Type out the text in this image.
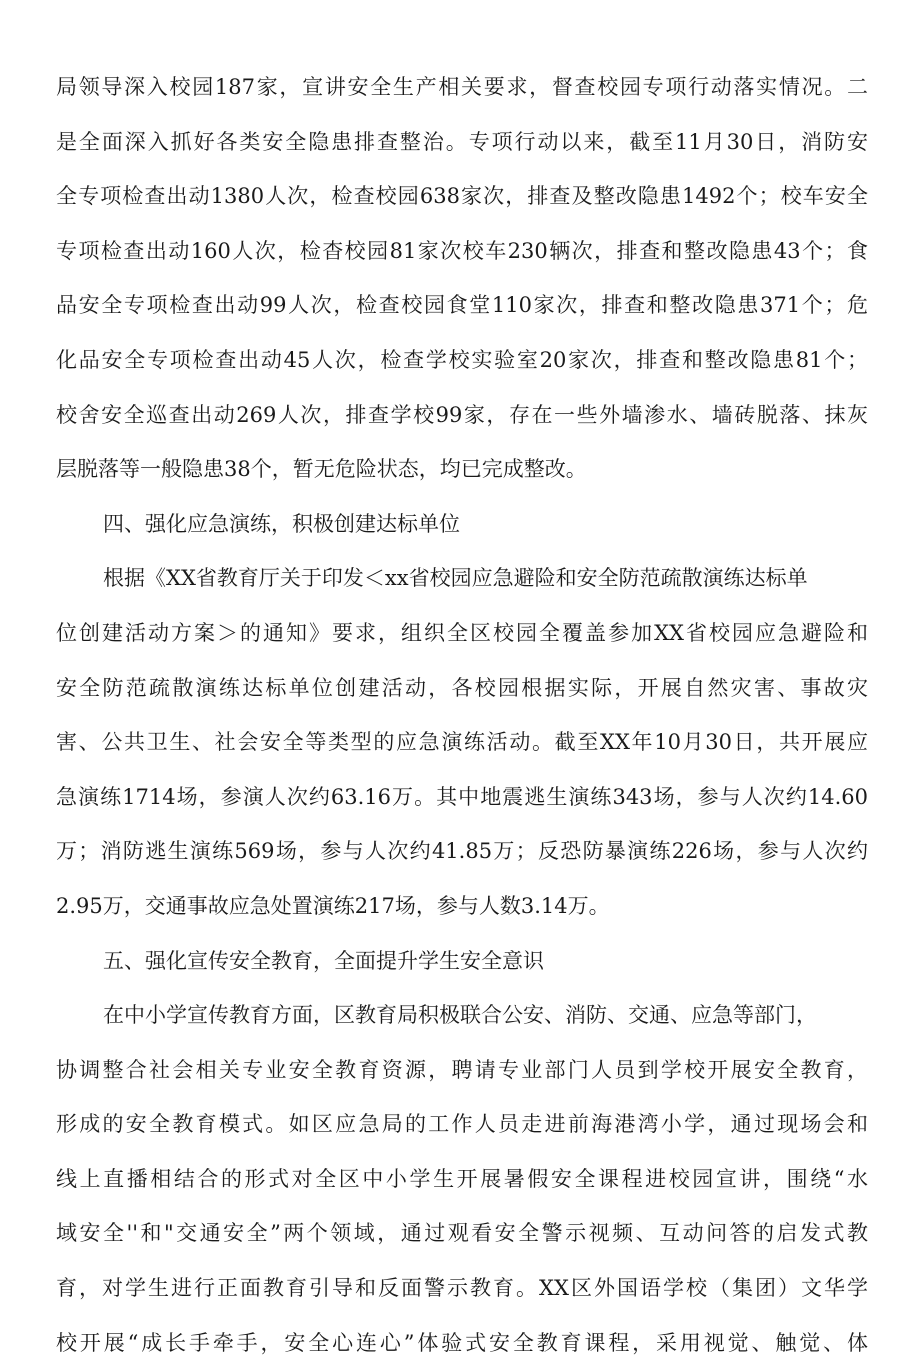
局领导深入校园187家，宣讲安全生产相关要求，督查校园专项行动落实情况。二
是全面深入抓好各类安全隐患排查整治。专项行动以来，截至11月30日，消防安
全专项检查出动1380人次，检查校园638家次，排查及整改隐患1492个；校车安全
专项检查出动160人次，检杳校园81家次校车230辆次，排查和整改隐患43个；食
品安全专项检查出动99人次，检查校园食堂110家次，排查和整改隐患371个；危
化品安全专项检查出动45人次，检查学校实验室20家次，排查和整改隐患81个；
校舍安全巡查出动269人次，排查学校99家，存在一些外墙渗水、墙砖脱落、抹灰
层脱落等一般隐患38个，暂无危险状态，均已完成整改。
四、强化应急演练，积极创建达标单位
根据《XX省教育厅关于印发＜xx省校园应急避险和安全防范疏散演练达标单
位创建活动方案＞的通知》要求，组织全区校园全覆盖参加XX省校园应急避险和
安全防范疏散演练达标单位创建活动，各校园根据实际，开展自然灾害、事故灾
害、公共卫生、社会安全等类型的应急演练活动。截至XX年10月30日，共开展应
急演练1714场，参演人次约63.16万。其中地震逃生演练343场，参与人次约14.60
万；消防逃生演练569场，参与人次约41.85万；反恐防暴演练226场，参与人次约
2.95万，交通事故应急处置演练217场，参与人数3.14万。
五、强化宣传安全教育，全面提升学生安全意识
在中小学宣传教育方面，区教育局积极联合公安、消防、交通、应急等部门，
协调整合社会相关专业安全教育资源，聘请专业部门人员到学校开展安全教育，
形成的安全教育模式。如区应急局的工作人员走进前海港湾小学，通过现场会和
线上直播相结合的形式对全区中小学生开展暑假安全课程进校园宣讲，围绕“水
域安全''和"交通安全”两个领域，通过观看安全警示视频、互动问答的启发式教
育，对学生进行正面教育引导和反面警示教育。XX区外国语学校（集团）文华学
校开展“成长手牵手，安全心连心”体验式安全教育课程，采用视觉、触觉、体
